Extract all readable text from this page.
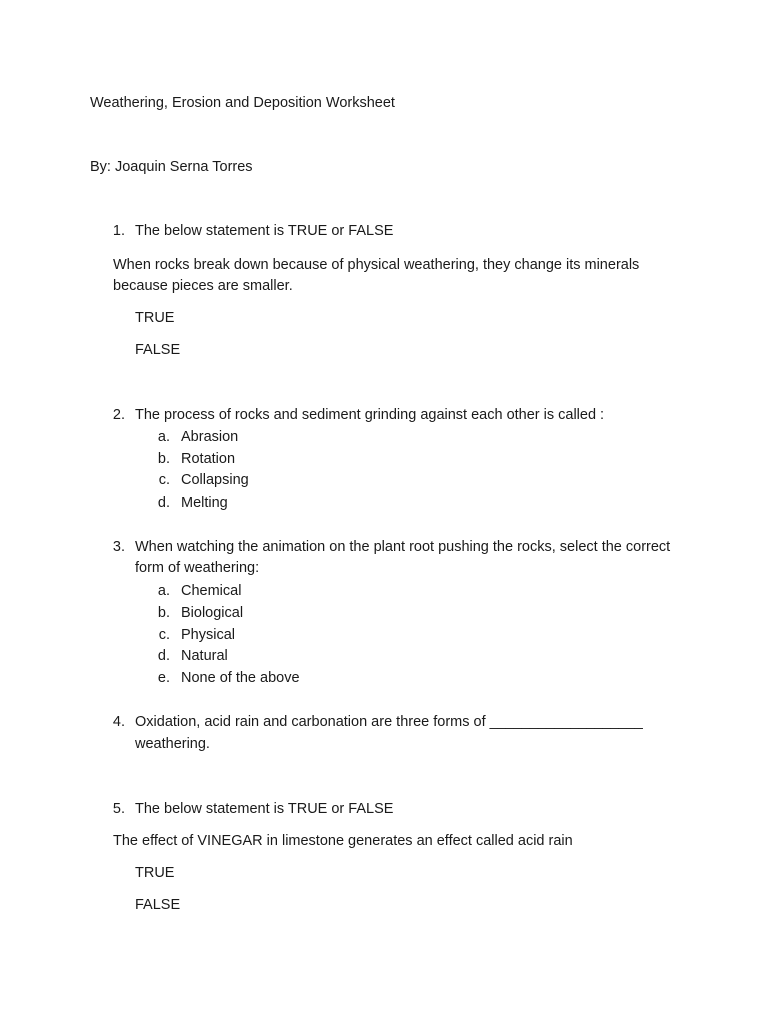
Weathering, Erosion and Deposition Worksheet
By: Joaquin Serna Torres
1. The below statement is TRUE or FALSE
When rocks break down because of physical weathering, they change its minerals
because pieces are smaller.
TRUE
FALSE
2. The process of rocks and sediment grinding against each other is called :
a. Abrasion
b. Rotation
c. Collapsing
d. Melting
3. When watching the animation on the plant root pushing the rocks, select the correct
form of weathering:
a. Chemical
b. Biological
c. Physical
d. Natural
e. None of the above
4. Oxidation, acid rain and carbonation are three forms of ___________________
weathering.
5. The below statement is TRUE or FALSE
The effect of VINEGAR in limestone generates an effect called acid rain
TRUE
FALSE
